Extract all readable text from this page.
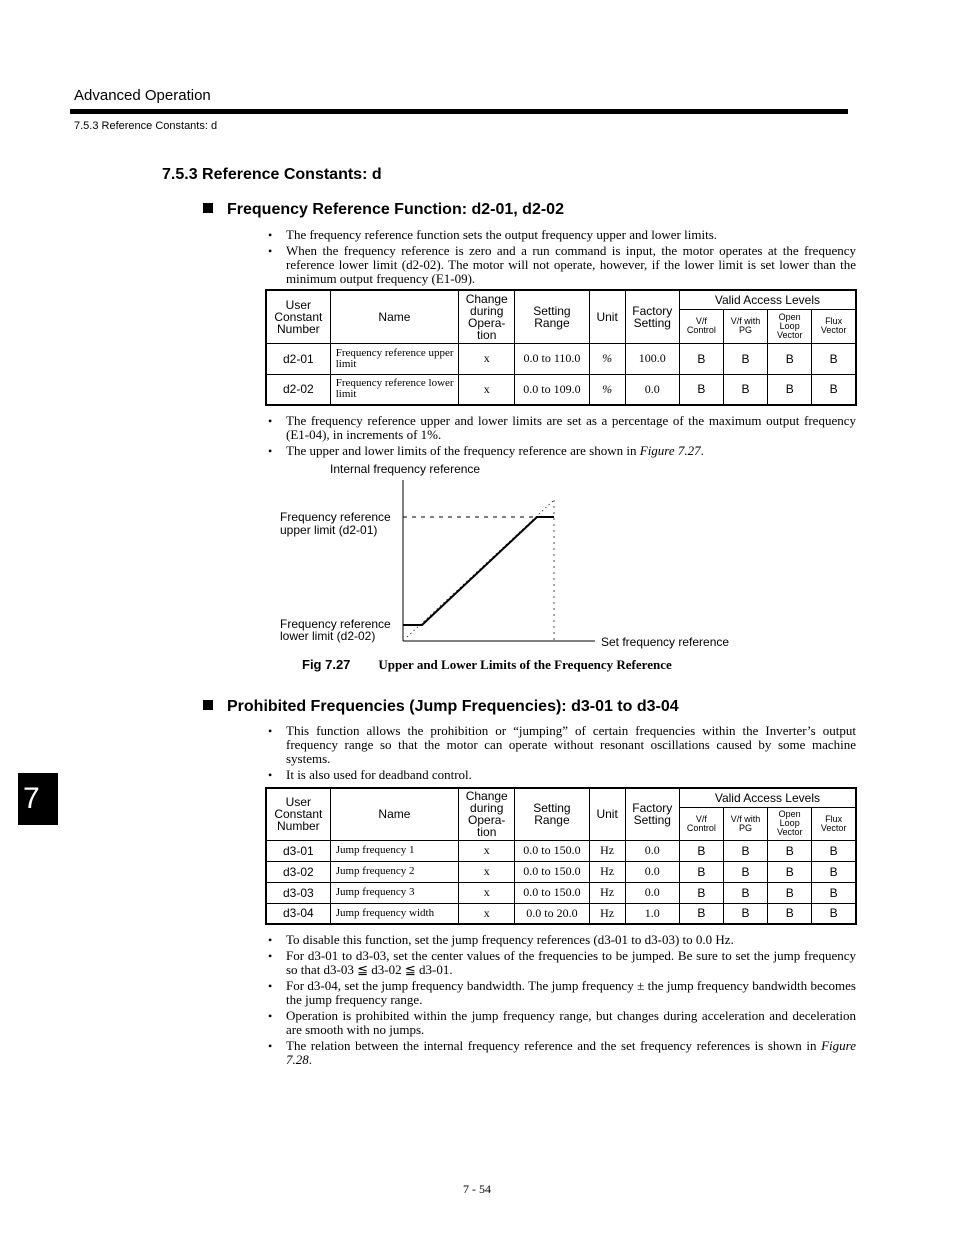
Advanced Operation
7.5.3 Reference Constants: d
7.5.3 Reference Constants: d
Frequency Reference Function: d2-01, d2-02
• The frequency reference function sets the output frequency upper and lower limits.
• When the frequency reference is zero and a run command is input, the motor operates at the frequency reference lower limit (d2-02). The motor will not operate, however, if the lower limit is set lower than the minimum output frequency (E1-09).
User Constant Number	Name	Change during Opera-tion	Setting Range	Unit	Factory Setting	Valid Access Levels			
						V/f Control	V/f with PG	Open Loop Vector	Flux Vector
d2-01	Frequency reference upper limit	x	0.0 to 110.0	%	100.0	B	B	B	B
d2-02	Frequency reference lower limit	x	0.0 to 109.0	%	0.0	B	B	B	B
• The frequency reference upper and lower limits are set as a percentage of the maximum output frequency (E1-04), in increments of 1%.
• The upper and lower limits of the frequency reference are shown in Figure 7.27.
Internal frequency reference
Frequency reference
upper limit (d2-01)
Frequency reference
lower limit (d2-02)	Set frequency reference
Fig 7.27 Upper and Lower Limits of the Frequency Reference
Prohibited Frequencies (Jump Frequencies): d3-01 to d3-04
• This function allows the prohibition or “jumping” of certain frequencies within the Inverter’s output frequency range so that the motor can operate without resonant oscillations caused by some machine systems.
• It is also used for deadband control.
User Constant Number	Name	Change during Opera-tion	Setting Range	Unit	Factory Setting	Valid Access Levels			
						V/f Control	V/f with PG	Open Loop Vector	Flux Vector
d3-01	Jump frequency 1	x	0.0 to 150.0	Hz	0.0	B	B	B	B
d3-02	Jump frequency 2	x	0.0 to 150.0	Hz	0.0	B	B	B	B
d3-03	Jump frequency 3	x	0.0 to 150.0	Hz	0.0	B	B	B	B
d3-04	Jump frequency width	x	0.0 to 20.0	Hz	1.0	B	B	B	B
• To disable this function, set the jump frequency references (d3-01 to d3-03) to 0.0 Hz.
• For d3-01 to d3-03, set the center values of the frequencies to be jumped. Be sure to set the jump frequency so that d3-03 ≦ d3-02 ≦ d3-01.
• For d3-04, set the jump frequency bandwidth. The jump frequency ± the jump frequency bandwidth becomes the jump frequency range.
• Operation is prohibited within the jump frequency range, but changes during acceleration and deceleration are smooth with no jumps.
• The relation between the internal frequency reference and the set frequency references is shown in Figure 7.28.
7
7 - 54
